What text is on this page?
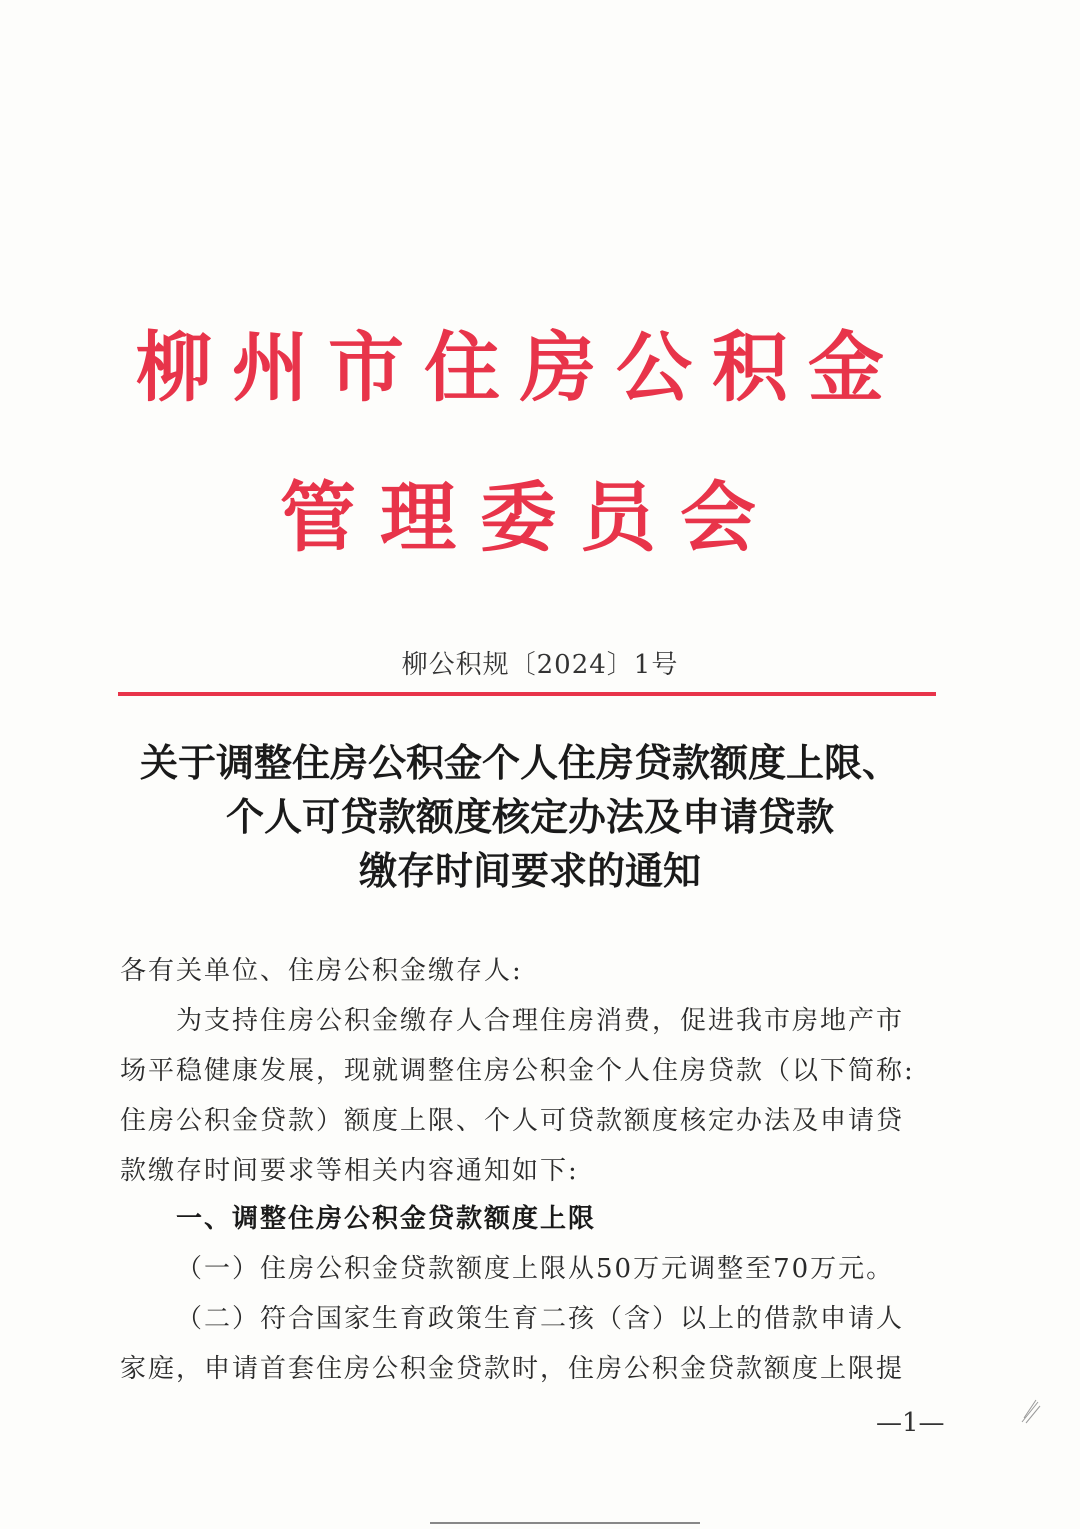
柳州市住房公积金
管理委员会
柳公积规〔2024〕1号
关于调整住房公积金个人住房贷款额度上限、
个人可贷款额度核定办法及申请贷款
缴存时间要求的通知
各有关单位、住房公积金缴存人:
为支持住房公积金缴存人合理住房消费，促进我市房地产市
场平稳健康发展，现就调整住房公积金个人住房贷款（以下简称:
住房公积金贷款）额度上限、个人可贷款额度核定办法及申请贷
款缴存时间要求等相关内容通知如下:
一、调整住房公积金贷款额度上限
（一）住房公积金贷款额度上限从50万元调整至70万元。
（二）符合国家生育政策生育二孩（含）以上的借款申请人
家庭，申请首套住房公积金贷款时，住房公积金贷款额度上限提
—1—
